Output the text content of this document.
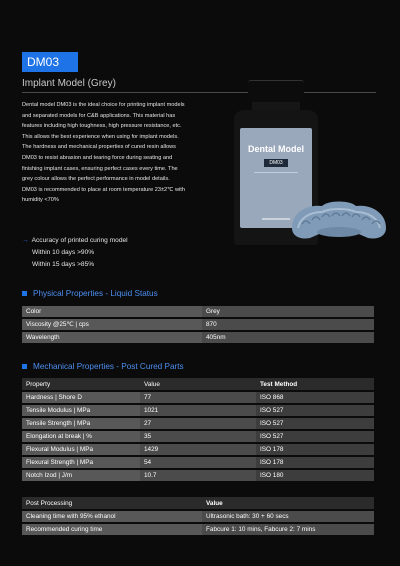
DM03
Implant Model (Grey)

Dental model DM03 is the ideal choice for printing implant models

and separated models for C&B applications. This material has

features including high toughness, high pressure resistance, etc.

This allows the best experience when using for implant models.

The hardness and mechanical properties of cured resin allows

DM03 to resist abrasion and tearing force during seating and

finishing implant cases, ensuring perfect cases every time. The

grey colour allows the perfect performance in model details.

DM03 is recommended to place at room temperature 23±2℃ with

humidity <70%

Dental Model
DM03
→ Accuracy of printed curing model
Within 10 days >90%
Within 15 days >85%
Physical Properties - Liquid Status
Color	Grey
Viscosity @25℃ | cps	870
Wavelength	405nm
Mechanical Properties - Post Cured Parts
Property	Value	Test Method
Hardness | Shore D	77	ISO 868
Tensile Modulus | MPa	1021	ISO 527
Tensile Strength | MPa	27	ISO 527
Elongation at break | %	35	ISO 527
Flexural Modulus | MPa	1429	ISO 178
Flexural Strength | MPa	54	ISO 178
Notch Izod | J/m	10.7	ISO 180
Post Processing	Value
Cleaning time with 95% ethanol	Ultrasonic bath: 30 + 60 secs
Recommended curing time	Fabcure 1: 10 mins, Fabcure 2: 7 mins
